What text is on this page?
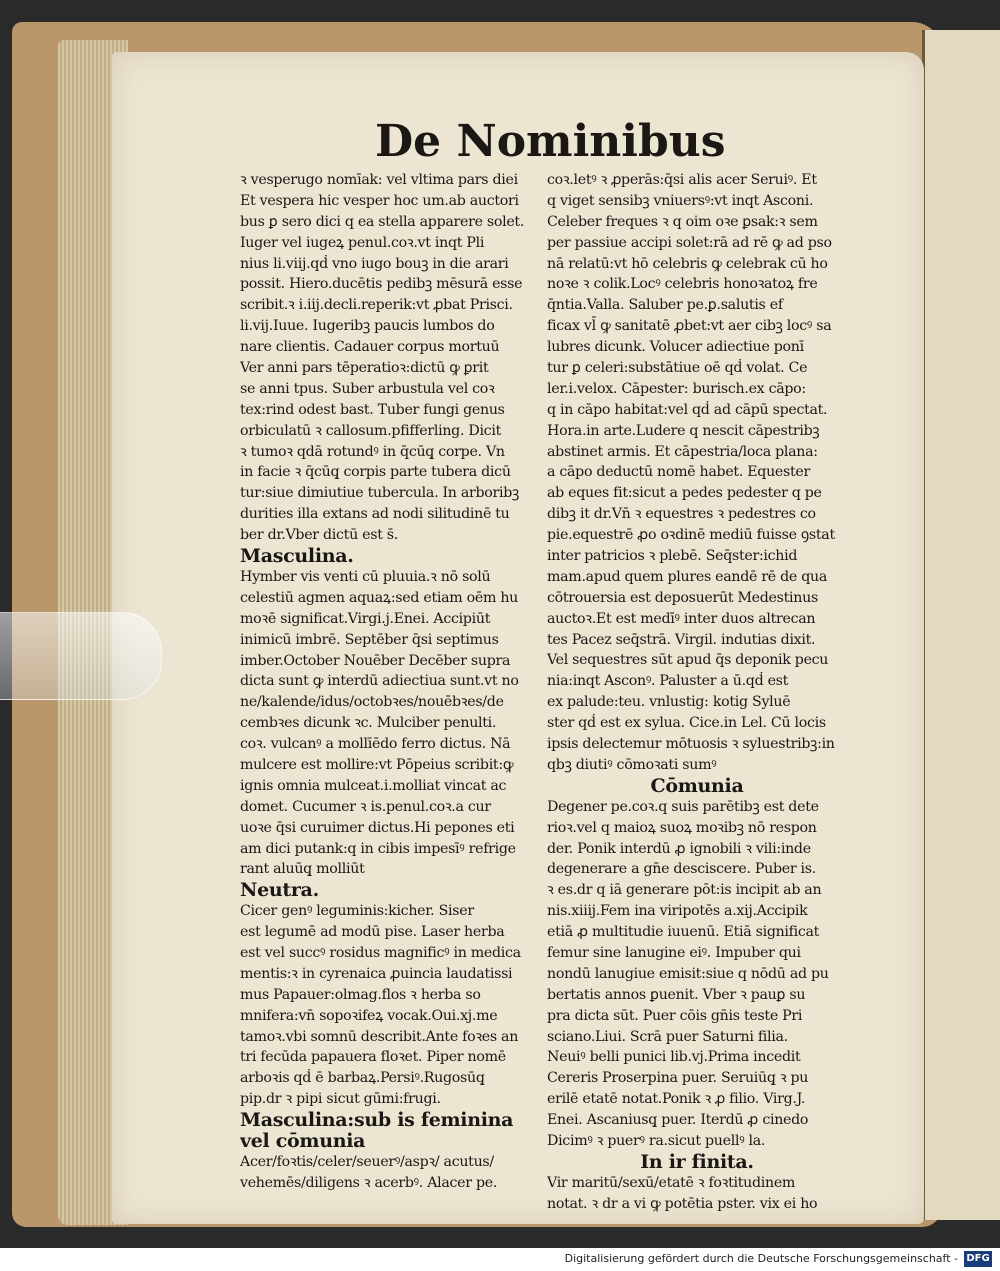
De Nominibus
ꝛ vesperugo nomīak: vel vltima pars diei
Et vespera hic vesper hoc um.ab auctori
bus ꝑ sero dici q ea stella apparere solet.
Iuger vel iugeꝝ penul.coꝛ.vt inqt Pli
nius li.viij.qḋ vno iugo bouꝫ in die arari
possit. Hiero.ducētis pedibꝫ mēsurā esse
scribit.ꝛ i.iij.decli.reperik:vt ꝓbat Prisci.
li.vij.Iuue. Iugeribꝫ paucis lumbos do
nare clientis. Cadauer corpus mortuū
Ver anni pars tēperatioꝛ:dictū ꝙ ꝑrit
se anni tpus. Suber arbustula vel coꝛ
tex:rind odest bast. Tuber fungi genus
orbiculatū ꝛ callosum.pfifferling. Dicit
ꝛ tumoꝛ qdā rotundꝰ in q̄cūq̧ corpe. Vn
in facie ꝛ q̄cūq̧ corpis parte tubera dicū
tur:siue dimiutiue tubercula. In arboribꝫ
durities illa extans ad nodi silitudinē tu
ber dr.Vber dictū est s̄.
Masculina.
Hymber vis venti cū pluuia.ꝛ nō solū
celestiū agmen aquaꝝ:sed etiam oēm hu
moꝛē significat.Virgi.j.Enei. Accipiūt
inimicū imbrē. Septēber q̄si septimus
imber.October Nouēber Decēber supra
dicta sunt ꝙ interdū adiectiua sunt.vt no
ne/kalende/idus/octobꝛes/nouēbꝛes/de
cembꝛes dicunk ꝛc. Mulciber penulti.
coꝛ. vulcanꝰ a mollīēdo ferro dictus. Nā
mulcere est mollire:vt Pōpeius scribit:ꝙ
ignis omnia mulceat.i.molliat vincat ac
domet. Cucumer ꝛ is.penul.coꝛ.a cur
uoꝛe q̄si curuimer dictus.Hi pepones eti
am dici putank:q in cibis impesīꝰ refrige
rant aluūq̧ molliūt
Neutra.
Cicer genꝰ leguminis:kicher. Siser
est legumē ad modū pise. Laser herba
est vel succꝰ rosidus magnificꝰ in medica
mentis:ꝛ in cyrenaica ꝓuincia laudatissi
mus Papauer:olmag.flos ꝛ herba so
mnifera:vn̄ sopoꝛifeꝝ vocak.Oui.xj.me
tamoꝛ.vbi somnū describit.Ante foꝛes an
tri fecūda papauera floꝛet. Piper nomē
arboꝛis qḋ ē barbaꝝ.Persiꝰ.Rugosūq̧
pip.dr ꝛ pipi sicut gūmi:frugi.
Masculina:sub is feminina
vel cōmunia
Acer/foꝛtis/celer/seuerꝰ/aspꝛ/ acutus/
vehemēs/diligens ꝛ acerbꝰ. Alacer pe.
coꝛ.letꝰ ꝛ ꝓperās:q̄si alis acer Seruiꝰ. Et
q viget sensibꝫ vniuersꝰ:vt inqt Asconi.
Celeber freques ꝛ q oim oꝛe ꝑsak:ꝛ sem
per passiue accipi solet:rā ad rē ꝙ ad pso
nā relatū:vt hō celebris ꝙ celebrak cū ho
noꝛe ꝛ colik.Locꝰ celebris honoꝛatoꝝ fre
q̄ntia.Valla. Saluber pe.ꝑ.salutis ef
ficax vl̄ ꝙ sanitatē ꝓbet:vt aer cibꝫ locꝰ sa
lubres dicunk. Volucer adiectiue ponī
tur ꝑ celeri:substātiue oē qḋ volat. Ce
ler.i.velox. Cāpester: burisch.ex cāpo:
q in cāpo habitat:vel qḋ ad cāpū spectat.
Hora.in arte.Ludere q nescit cāpestribꝫ
abstinet armis. Et cāpestria/loca plana:
a cāpo deductū nomē habet. Equester
ab eques fit:sicut a pedes pedester q pe
dibꝫ it dr.Vn̄ ꝛ equestres ꝛ pedestres co
pie.equestrē ꝓo oꝛdinē mediū fuisse ꝯstat
inter patricios ꝛ plebē. Seq̄ster:ichid
mam.apud quem plures eandē rē de qua
cōtrouersia est deposuerūt Medestinus
auctoꝛ.Et est medīꝰ inter duos altrecan
tes Pacez seq̄strā. Virgil. indutias dixit.
Vel sequestres sūt apud q̄s deponik pecu
nia:inqt Asconꝰ. Paluster a ū.qḋ est
ex palude:teu. vnlustig: kotig Syluē
ster qḋ est ex sylua. Cice.in Lel. Cū locis
ipsis delectemur mōtuosis ꝛ syluestribꝫ:in
qbꝫ diutiꝰ cōmoꝛati sumꝰ
Cōmunia
Degener pe.coꝛ.q suis parētibꝫ est dete
rioꝛ.vel q maioꝝ suoꝝ moꝛibꝫ nō respon
der. Ponik interdū ꝓ ignobili ꝛ vili:inde
degenerare a gn̄e desciscere. Puber is.
ꝛ es.dr q iā generare pōt:is incipit ab an
nis.xiiij.Fem ina viripotēs a.xij.Accipik
etiā ꝓ multitudie iuuenū. Etiā significat
femur sine lanugine eiꝰ. Impuber qui
nondū lanugiue emisit:siue q nōdū ad pu
bertatis annos ꝑuenit. Vber ꝛ pauꝑ su
pra dicta sūt. Puer cōis gn̄is teste Pri
sciano.Liui. Scrā puer Saturni filia.
Neuiꝰ belli punici lib.vj.Prima incedit
Cereris Proserpina puer. Seruiūq̧ ꝛ pu
erilē etatē notat.Ponik ꝛ ꝓ filio. Virg.J.
Enei. Ascaniusq̧ puer. Iterdū ꝓ cinedo
Dicimꝰ ꝛ puerꝰ ra.sicut puellꝰ la.
In ir finita.
Vir maritū/sexū/etatē ꝛ foꝛtitudinem
notat. ꝛ dr a vi ꝙ potētia pster. vix ei ho
Digitalisierung gefördert durch die Deutsche Forschungsgemeinschaft - DFG
